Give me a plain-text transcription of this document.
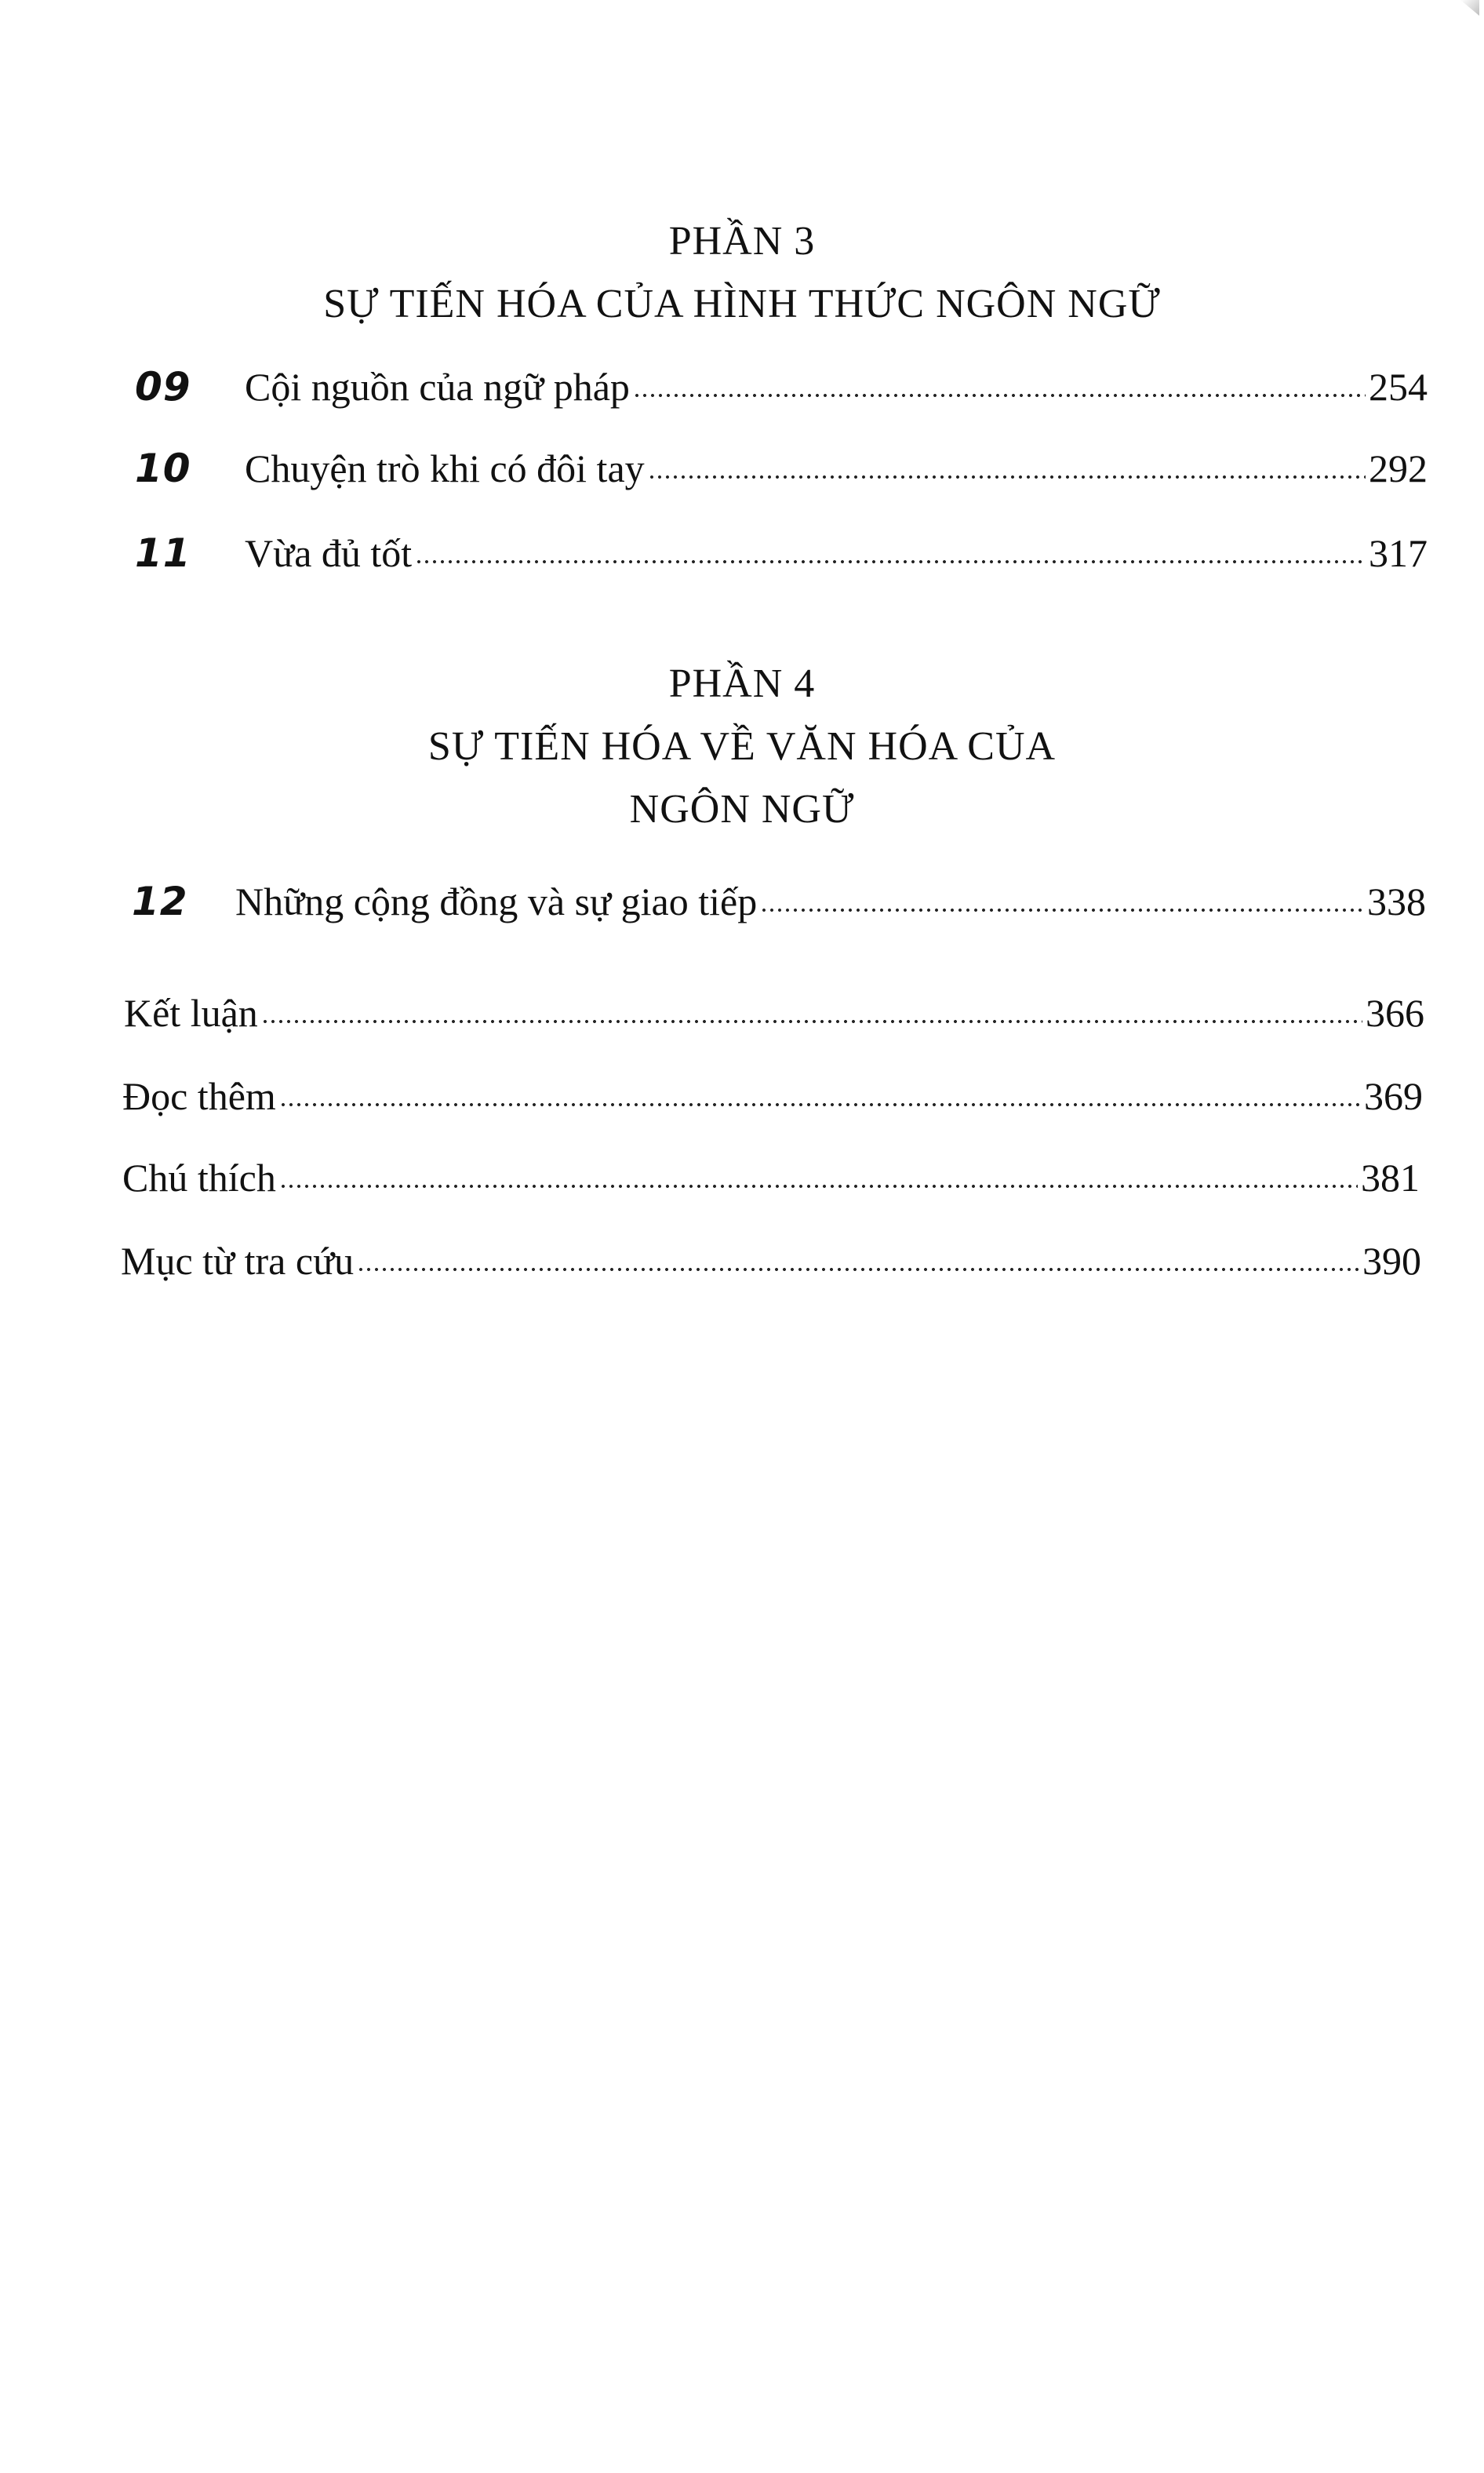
PHẦN 3
SỰ TIẾN HÓA CỦA HÌNH THỨC NGÔN NGỮ
09	Cội nguồn của ngữ pháp	254
10	Chuyện trò khi có đôi tay	292
11	Vừa đủ tốt	317
PHẦN 4
SỰ TIẾN HÓA VỀ VĂN HÓA CỦA
NGÔN NGỮ
12	Những cộng đồng và sự giao tiếp	338
Kết luận	366
Đọc thêm	369
Chú thích	381
Mục từ tra cứu	390
